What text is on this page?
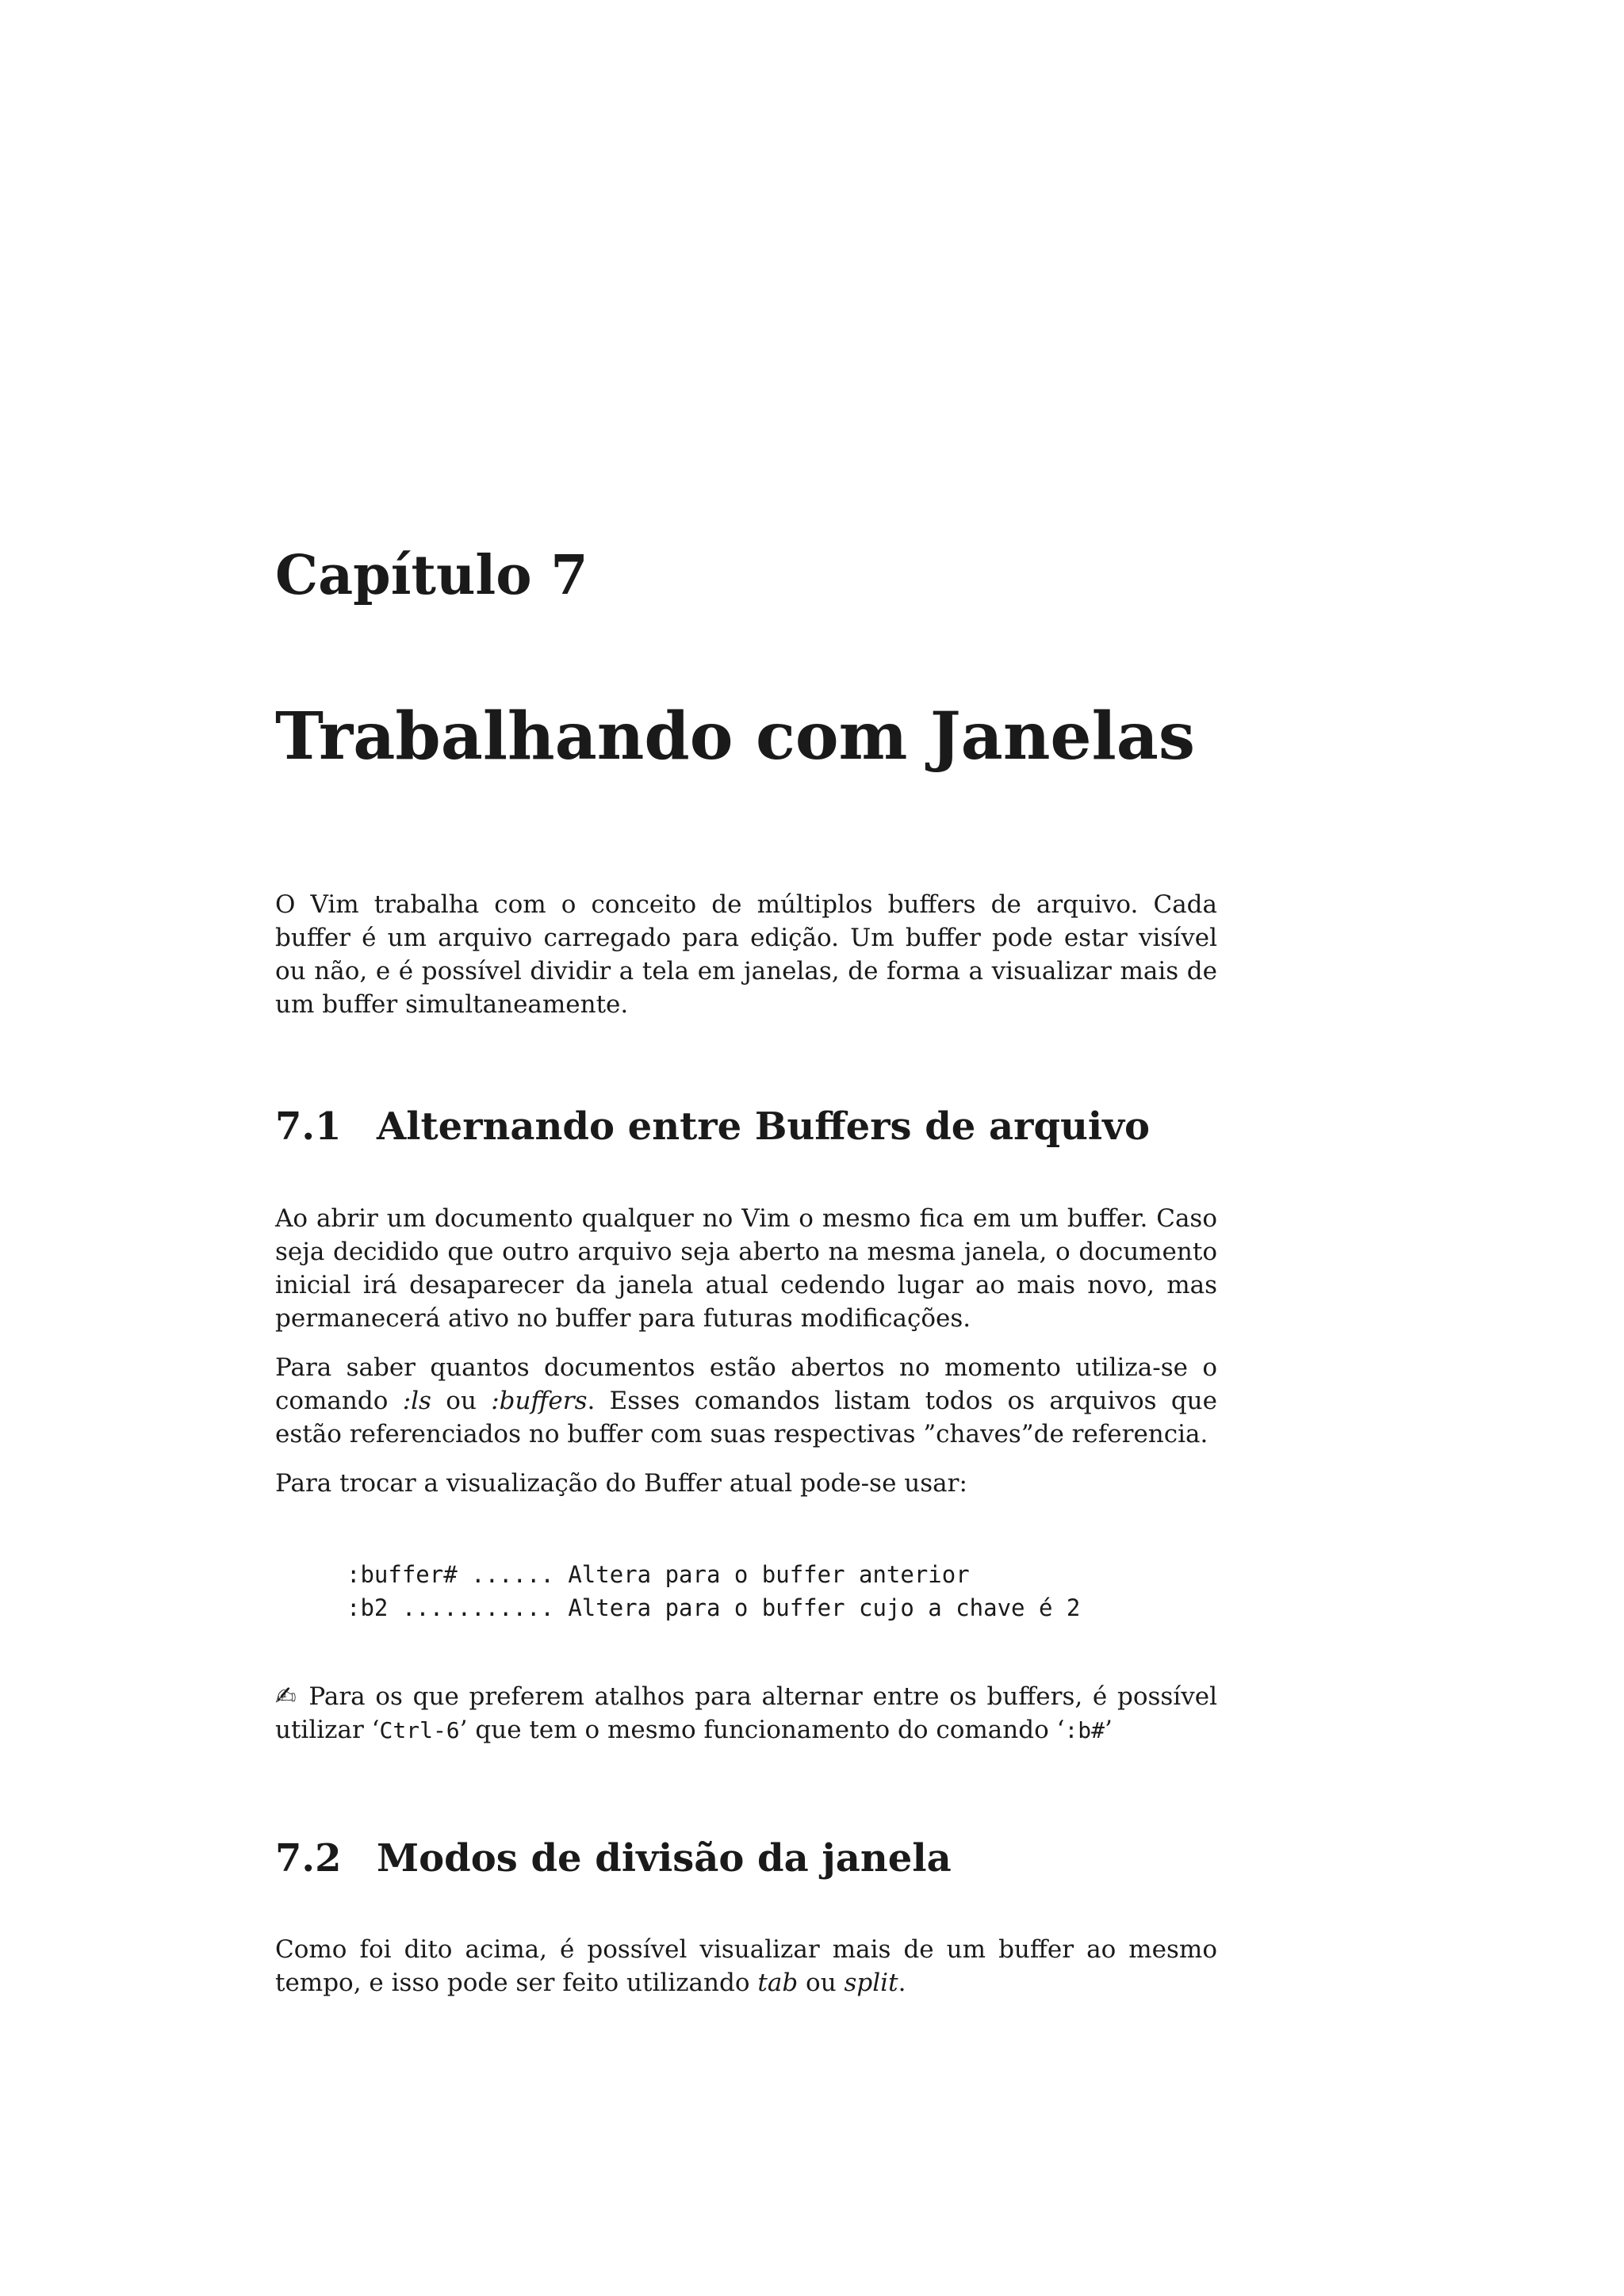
Capítulo 7
Trabalhando com Janelas

O Vim trabalha com o conceito de múltiplos buffers de arquivo. Cada buffer é um arquivo carregado para edição. Um buffer pode estar visível ou não, e é possível dividir a tela em janelas, de forma a visualizar mais de um buffer simultaneamente.

7.1 Alternando entre Buffers de arquivo

Ao abrir um documento qualquer no Vim o mesmo fica em um buffer. Caso seja decidido que outro arquivo seja aberto na mesma janela, o documento inicial irá desaparecer da janela atual cedendo lugar ao mais novo, mas permanecerá ativo no buffer para futuras modificações.

Para saber quantos documentos estão abertos no momento utiliza-se o comando :ls ou :buffers. Esses comandos listam todos os arquivos que estão referenciados no buffer com suas respectivas ”chaves”de referencia.

Para trocar a visualização do Buffer atual pode-se usar:

:buffer# ...... Altera para o buffer anterior
:b2 ........... Altera para o buffer cujo a chave é 2

✍ Para os que preferem atalhos para alternar entre os buffers, é possível utilizar ‘Ctrl-6’ que tem o mesmo funcionamento do comando ‘:b#’

7.2 Modos de divisão da janela

Como foi dito acima, é possível visualizar mais de um buffer ao mesmo tempo, e isso pode ser feito utilizando tab ou split.
